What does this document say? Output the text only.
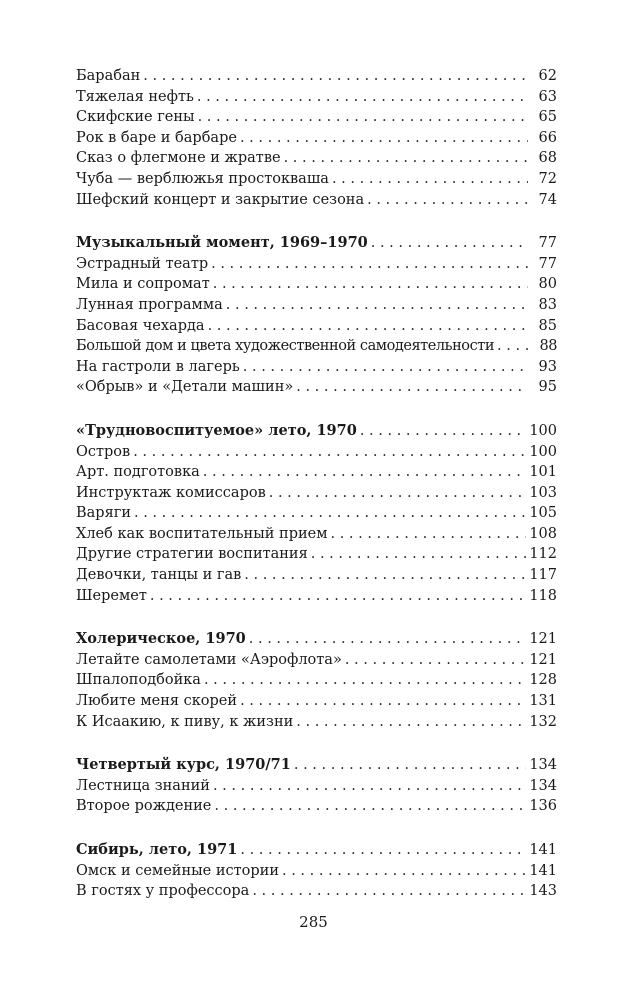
Барабан . . .	62
Тяжелая нефть . . .	63
Скифские гены . . .	65
Рок в баре и барбаре . . .	66
Сказ о флегмоне и жратве . . .	68
Чуба — верблюжья простокваша . . .	72
Шефский концерт и закрытие сезона . . .	74
Музыкальный момент, 1969–1970 . . .	77
Эстрадный театр . . .	77
Мила и сопромат . . .	80
Лунная программа . . .	83
Басовая чехарда . . .	85
Большой дом и цвета художественной самодеятельности . . .	88
На гастроли в лагерь . . .	93
«Обрыв» и «Детали машин» . . .	95
«Трудновоспитуемое» лето, 1970 . . .	100
Остров . . .	100
Арт. подготовка . . .	101
Инструктаж комиссаров . . .	103
Варяги . . .	105
Хлеб как воспитательный прием . . .	108
Другие стратегии воспитания . . .	112
Девочки, танцы и гав . . .	117
Шеремет . . .	118
Холерическое, 1970 . . .	121
Летайте самолетами «Аэрофлота» . . .	121
Шпалоподбойка . . .	128
Любите меня скорей . . .	131
К Исаакию, к пиву, к жизни . . .	132
Четвертый курс, 1970/71 . . .	134
Лестница знаний . . .	134
Второе рождение . . .	136
Сибирь, лето, 1971 . . .	141
Омск и семейные истории . . .	141
В гостях у профессора . . .	143
285
